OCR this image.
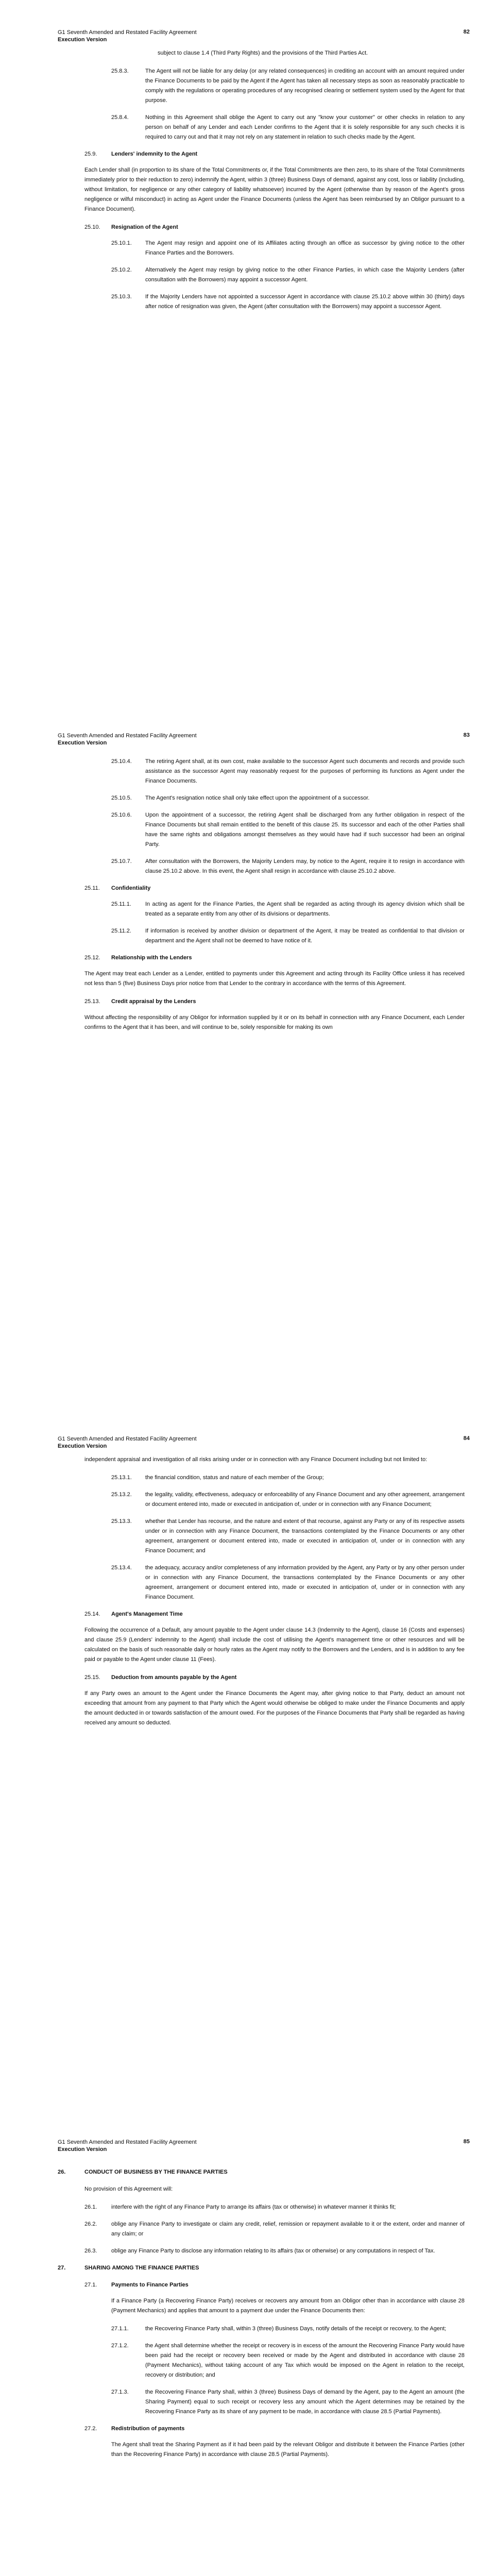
G1 Seventh Amended and Restated Facility Agreement
Execution Version
82

subject to clause 1.4 (Third Party Rights) and the provisions of the Third Parties Act.

25.8.3.	The Agent will not be liable for any delay (or any related consequences) in crediting an account with an amount required under the Finance Documents to be paid by the Agent if the Agent has taken all necessary steps as soon as reasonably practicable to comply with the regulations or operating procedures of any recognised clearing or settlement system used by the Agent for that purpose.
25.8.4.	Nothing in this Agreement shall oblige the Agent to carry out any "know your customer" or other checks in relation to any person on behalf of any Lender and each Lender confirms to the Agent that it is solely responsible for any such checks it is required to carry out and that it may not rely on any statement in relation to such checks made by the Agent.
25.9.	Lenders' indemnity to the Agent

Each Lender shall (in proportion to its share of the Total Commitments or, if the Total Commitments are then zero, to its share of the Total Commitments immediately prior to their reduction to zero) indemnify the Agent, within 3 (three) Business Days of demand, against any cost, loss or liability (including, without limitation, for negligence or any other category of liability whatsoever) incurred by the Agent (otherwise than by reason of the Agent's gross negligence or wilful misconduct) in acting as Agent under the Finance Documents (unless the Agent has been reimbursed by an Obligor pursuant to a Finance Document).

25.10.	Resignation of the Agent
25.10.1.	The Agent may resign and appoint one of its Affiliates acting through an office as successor by giving notice to the other Finance Parties and the Borrowers.
25.10.2.	Alternatively the Agent may resign by giving notice to the other Finance Parties, in which case the Majority Lenders (after consultation with the Borrowers) may appoint a successor Agent.
25.10.3.	If the Majority Lenders have not appointed a successor Agent in accordance with clause 25.10.2 above within 30 (thirty) days after notice of resignation was given, the Agent (after consultation with the Borrowers) may appoint a successor Agent.
G1 Seventh Amended and Restated Facility Agreement
Execution Version
83
25.10.4.	The retiring Agent shall, at its own cost, make available to the successor Agent such documents and records and provide such assistance as the successor Agent may reasonably request for the purposes of performing its functions as Agent under the Finance Documents.
25.10.5.	The Agent's resignation notice shall only take effect upon the appointment of a successor.
25.10.6.	Upon the appointment of a successor, the retiring Agent shall be discharged from any further obligation in respect of the Finance Documents but shall remain entitled to the benefit of this clause 25. Its successor and each of the other Parties shall have the same rights and obligations amongst themselves as they would have had if such successor had been an original Party.
25.10.7.	After consultation with the Borrowers, the Majority Lenders may, by notice to the Agent, require it to resign in accordance with clause 25.10.2 above. In this event, the Agent shall resign in accordance with clause 25.10.2 above.
25.11.	Confidentiality
25.11.1.	In acting as agent for the Finance Parties, the Agent shall be regarded as acting through its agency division which shall be treated as a separate entity from any other of its divisions or departments.
25.11.2.	If information is received by another division or department of the Agent, it may be treated as confidential to that division or department and the Agent shall not be deemed to have notice of it.
25.12.	Relationship with the Lenders

The Agent may treat each Lender as a Lender, entitled to payments under this Agreement and acting through its Facility Office unless it has received not less than 5 (five) Business Days prior notice from that Lender to the contrary in accordance with the terms of this Agreement.

25.13.	Credit appraisal by the Lenders

Without affecting the responsibility of any Obligor for information supplied by it or on its behalf in connection with any Finance Document, each Lender confirms to the Agent that it has been, and will continue to be, solely responsible for making its own

G1 Seventh Amended and Restated Facility Agreement
Execution Version
84

independent appraisal and investigation of all risks arising under or in connection with any Finance Document including but not limited to:

25.13.1.	the financial condition, status and nature of each member of the Group;
25.13.2.	the legality, validity, effectiveness, adequacy or enforceability of any Finance Document and any other agreement, arrangement or document entered into, made or executed in anticipation of, under or in connection with any Finance Document;
25.13.3.	whether that Lender has recourse, and the nature and extent of that recourse, against any Party or any of its respective assets under or in connection with any Finance Document, the transactions contemplated by the Finance Documents or any other agreement, arrangement or document entered into, made or executed in anticipation of, under or in connection with any Finance Document; and
25.13.4.	the adequacy, accuracy and/or completeness of any information provided by the Agent, any Party or by any other person under or in connection with any Finance Document, the transactions contemplated by the Finance Documents or any other agreement, arrangement or document entered into, made or executed in anticipation of, under or in connection with any Finance Document.
25.14.	Agent's Management Time

Following the occurrence of a Default, any amount payable to the Agent under clause 14.3 (Indemnity to the Agent), clause 16 (Costs and expenses) and clause 25.9 (Lenders' indemnity to the Agent) shall include the cost of utilising the Agent's management time or other resources and will be calculated on the basis of such reasonable daily or hourly rates as the Agent may notify to the Borrowers and the Lenders, and is in addition to any fee paid or payable to the Agent under clause 11 (Fees).

25.15.	Deduction from amounts payable by the Agent

If any Party owes an amount to the Agent under the Finance Documents the Agent may, after giving notice to that Party, deduct an amount not exceeding that amount from any payment to that Party which the Agent would otherwise be obliged to make under the Finance Documents and apply the amount deducted in or towards satisfaction of the amount owed. For the purposes of the Finance Documents that Party shall be regarded as having received any amount so deducted.

G1 Seventh Amended and Restated Facility Agreement
Execution Version
85
26.	CONDUCT OF BUSINESS BY THE FINANCE PARTIES

No provision of this Agreement will:

26.1.	interfere with the right of any Finance Party to arrange its affairs (tax or otherwise) in whatever manner it thinks fit;
26.2.	oblige any Finance Party to investigate or claim any credit, relief, remission or repayment available to it or the extent, order and manner of any claim; or
26.3.	oblige any Finance Party to disclose any information relating to its affairs (tax or otherwise) or any computations in respect of Tax.
27.	SHARING AMONG THE FINANCE PARTIES
27.1.	Payments to Finance Parties

If a Finance Party (a Recovering Finance Party) receives or recovers any amount from an Obligor other than in accordance with clause 28 (Payment Mechanics) and applies that amount to a payment due under the Finance Documents then:

27.1.1.	the Recovering Finance Party shall, within 3 (three) Business Days, notify details of the receipt or recovery, to the Agent;
27.1.2.	the Agent shall determine whether the receipt or recovery is in excess of the amount the Recovering Finance Party would have been paid had the receipt or recovery been received or made by the Agent and distributed in accordance with clause 28 (Payment Mechanics), without taking account of any Tax which would be imposed on the Agent in relation to the receipt, recovery or distribution; and
27.1.3.	the Recovering Finance Party shall, within 3 (three) Business Days of demand by the Agent, pay to the Agent an amount (the Sharing Payment) equal to such receipt or recovery less any amount which the Agent determines may be retained by the Recovering Finance Party as its share of any payment to be made, in accordance with clause 28.5 (Partial Payments).
27.2.	Redistribution of payments

The Agent shall treat the Sharing Payment as if it had been paid by the relevant Obligor and distribute it between the Finance Parties (other than the Recovering Finance Party) in accordance with clause 28.5 (Partial Payments).
